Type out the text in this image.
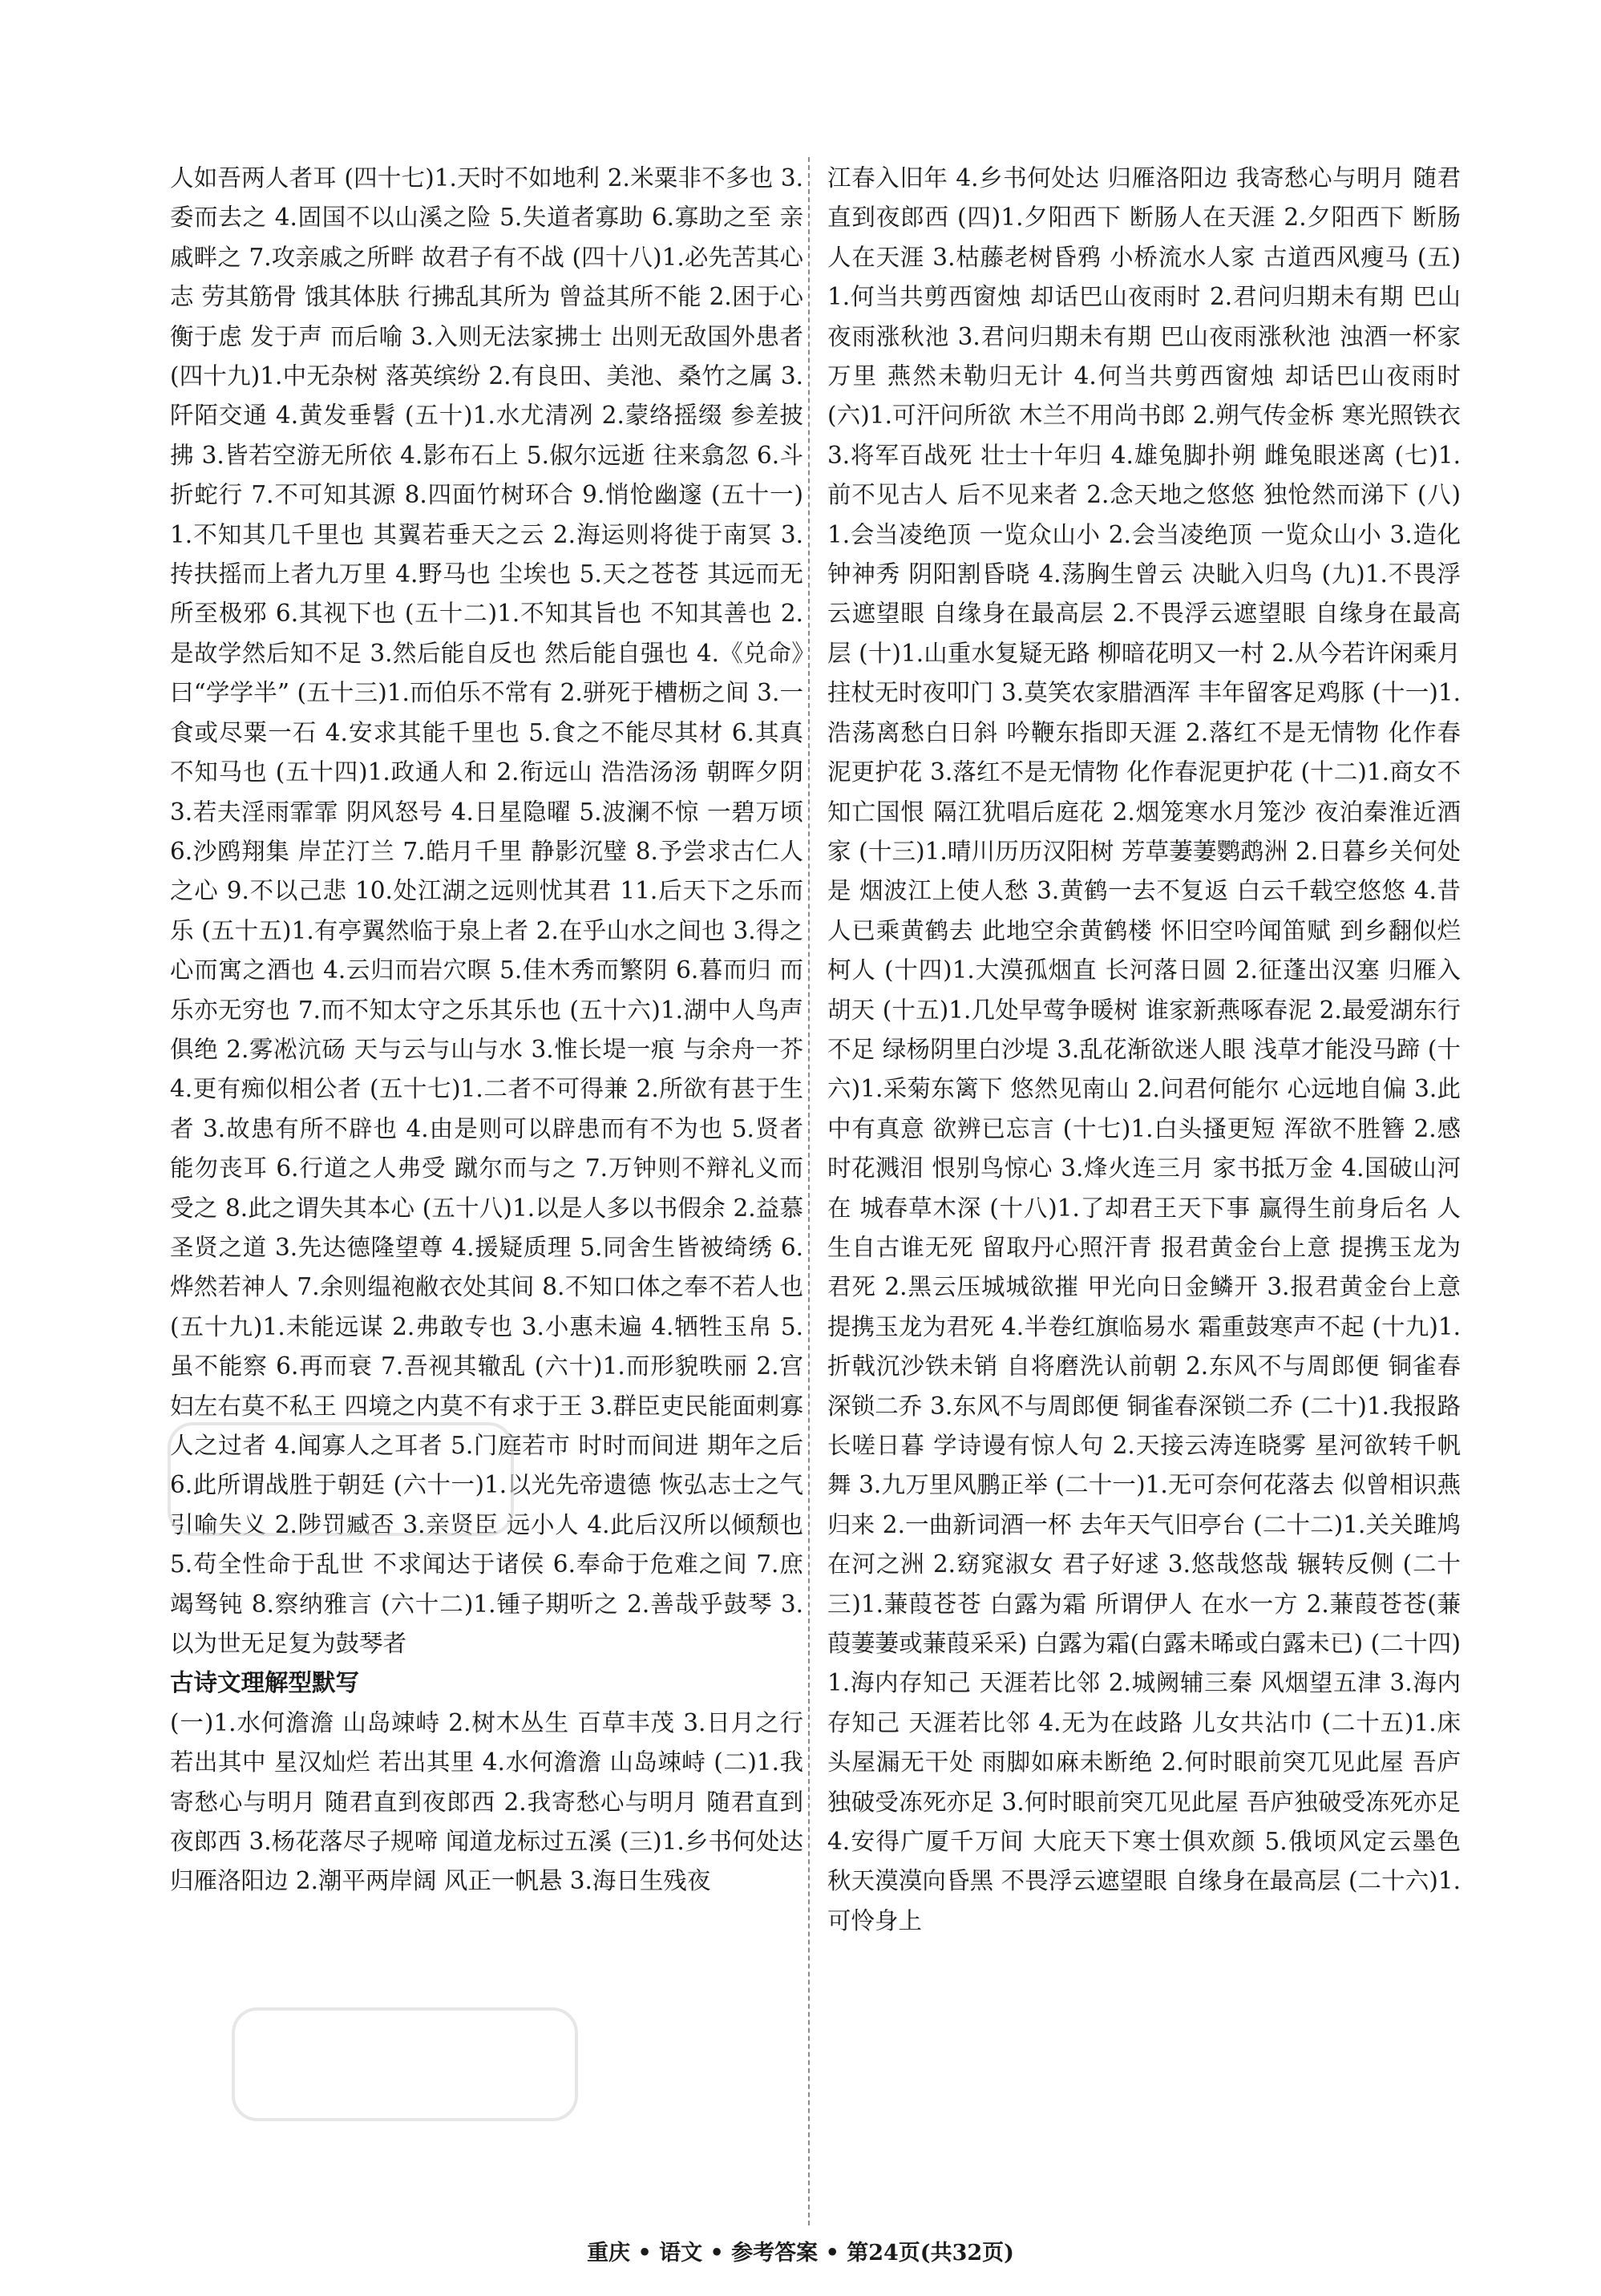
人如吾两人者耳 (四十七)1.天时不如地利 2.米粟非不多也 3.委而去之 4.固国不以山溪之险 5.失道者寡助 6.寡助之至 亲戚畔之 7.攻亲戚之所畔 故君子有不战 (四十八)1.必先苦其心志 劳其筋骨 饿其体肤 行拂乱其所为 曾益其所不能 2.困于心 衡于虑 发于声 而后喻 3.入则无法家拂士 出则无敌国外患者 (四十九)1.中无杂树 落英缤纷 2.有良田、美池、桑竹之属 3.阡陌交通 4.黄发垂髫 (五十)1.水尤清冽 2.蒙络摇缀 参差披拂 3.皆若空游无所依 4.影布石上 5.俶尔远逝 往来翕忽 6.斗折蛇行 7.不可知其源 8.四面竹树环合 9.悄怆幽邃 (五十一)1.不知其几千里也 其翼若垂天之云 2.海运则将徙于南冥 3.抟扶摇而上者九万里 4.野马也 尘埃也 5.天之苍苍 其远而无所至极邪 6.其视下也 (五十二)1.不知其旨也 不知其善也 2.是故学然后知不足 3.然后能自反也 然后能自强也 4.《兑命》曰“学学半” (五十三)1.而伯乐不常有 2.骈死于槽枥之间 3.一食或尽粟一石 4.安求其能千里也 5.食之不能尽其材 6.其真不知马也 (五十四)1.政通人和 2.衔远山 浩浩汤汤 朝晖夕阴 3.若夫淫雨霏霏 阴风怒号 4.日星隐曜 5.波澜不惊 一碧万顷 6.沙鸥翔集 岸芷汀兰 7.皓月千里 静影沉璧 8.予尝求古仁人之心 9.不以己悲 10.处江湖之远则忧其君 11.后天下之乐而乐 (五十五)1.有亭翼然临于泉上者 2.在乎山水之间也 3.得之心而寓之酒也 4.云归而岩穴暝 5.佳木秀而繁阴 6.暮而归 而乐亦无穷也 7.而不知太守之乐其乐也 (五十六)1.湖中人鸟声俱绝 2.雾凇沆砀 天与云与山与水 3.惟长堤一痕 与余舟一芥 4.更有痴似相公者 (五十七)1.二者不可得兼 2.所欲有甚于生者 3.故患有所不辟也 4.由是则可以辟患而有不为也 5.贤者能勿丧耳 6.行道之人弗受 蹴尔而与之 7.万钟则不辩礼义而受之 8.此之谓失其本心 (五十八)1.以是人多以书假余 2.益慕圣贤之道 3.先达德隆望尊 4.援疑质理 5.同舍生皆被绮绣 6.烨然若神人 7.余则缊袍敝衣处其间 8.不知口体之奉不若人也 (五十九)1.未能远谋 2.弗敢专也 3.小惠未遍 4.牺牲玉帛 5.虽不能察 6.再而衰 7.吾视其辙乱 (六十)1.而形貌昳丽 2.宫妇左右莫不私王 四境之内莫不有求于王 3.群臣吏民能面刺寡人之过者 4.闻寡人之耳者 5.门庭若市 时时而间进 期年之后 6.此所谓战胜于朝廷 (六十一)1.以光先帝遗德 恢弘志士之气 引喻失义 2.陟罚臧否 3.亲贤臣 远小人 4.此后汉所以倾颓也 5.苟全性命于乱世 不求闻达于诸侯 6.奉命于危难之间 7.庶竭驽钝 8.察纳雅言 (六十二)1.锺子期听之 2.善哉乎鼓琴 3.以为世无足复为鼓琴者

古诗文理解型默写

(一)1.水何澹澹 山岛竦峙 2.树木丛生 百草丰茂 3.日月之行 若出其中 星汉灿烂 若出其里 4.水何澹澹 山岛竦峙 (二)1.我寄愁心与明月 随君直到夜郎西 2.我寄愁心与明月 随君直到夜郎西 3.杨花落尽子规啼 闻道龙标过五溪 (三)1.乡书何处达 归雁洛阳边 2.潮平两岸阔 风正一帆悬 3.海日生残夜

江春入旧年 4.乡书何处达 归雁洛阳边 我寄愁心与明月 随君直到夜郎西 (四)1.夕阳西下 断肠人在天涯 2.夕阳西下 断肠人在天涯 3.枯藤老树昏鸦 小桥流水人家 古道西风瘦马 (五)1.何当共剪西窗烛 却话巴山夜雨时 2.君问归期未有期 巴山夜雨涨秋池 3.君问归期未有期 巴山夜雨涨秋池 浊酒一杯家万里 燕然未勒归无计 4.何当共剪西窗烛 却话巴山夜雨时 (六)1.可汗问所欲 木兰不用尚书郎 2.朔气传金柝 寒光照铁衣 3.将军百战死 壮士十年归 4.雄兔脚扑朔 雌兔眼迷离 (七)1.前不见古人 后不见来者 2.念天地之悠悠 独怆然而涕下 (八)1.会当凌绝顶 一览众山小 2.会当凌绝顶 一览众山小 3.造化钟神秀 阴阳割昏晓 4.荡胸生曾云 决眦入归鸟 (九)1.不畏浮云遮望眼 自缘身在最高层 2.不畏浮云遮望眼 自缘身在最高层 (十)1.山重水复疑无路 柳暗花明又一村 2.从今若许闲乘月 拄杖无时夜叩门 3.莫笑农家腊酒浑 丰年留客足鸡豚 (十一)1.浩荡离愁白日斜 吟鞭东指即天涯 2.落红不是无情物 化作春泥更护花 3.落红不是无情物 化作春泥更护花 (十二)1.商女不知亡国恨 隔江犹唱后庭花 2.烟笼寒水月笼沙 夜泊秦淮近酒家 (十三)1.晴川历历汉阳树 芳草萋萋鹦鹉洲 2.日暮乡关何处是 烟波江上使人愁 3.黄鹤一去不复返 白云千载空悠悠 4.昔人已乘黄鹤去 此地空余黄鹤楼 怀旧空吟闻笛赋 到乡翻似烂柯人 (十四)1.大漠孤烟直 长河落日圆 2.征蓬出汉塞 归雁入胡天 (十五)1.几处早莺争暖树 谁家新燕啄春泥 2.最爱湖东行不足 绿杨阴里白沙堤 3.乱花渐欲迷人眼 浅草才能没马蹄 (十六)1.采菊东篱下 悠然见南山 2.问君何能尔 心远地自偏 3.此中有真意 欲辨已忘言 (十七)1.白头搔更短 浑欲不胜簪 2.感时花溅泪 恨别鸟惊心 3.烽火连三月 家书抵万金 4.国破山河在 城春草木深 (十八)1.了却君王天下事 赢得生前身后名 人生自古谁无死 留取丹心照汗青 报君黄金台上意 提携玉龙为君死 2.黑云压城城欲摧 甲光向日金鳞开 3.报君黄金台上意 提携玉龙为君死 4.半卷红旗临易水 霜重鼓寒声不起 (十九)1.折戟沉沙铁未销 自将磨洗认前朝 2.东风不与周郎便 铜雀春深锁二乔 3.东风不与周郎便 铜雀春深锁二乔 (二十)1.我报路长嗟日暮 学诗谩有惊人句 2.天接云涛连晓雾 星河欲转千帆舞 3.九万里风鹏正举 (二十一)1.无可奈何花落去 似曾相识燕归来 2.一曲新词酒一杯 去年天气旧亭台 (二十二)1.关关雎鸠 在河之洲 2.窈窕淑女 君子好逑 3.悠哉悠哉 辗转反侧 (二十三)1.蒹葭苍苍 白露为霜 所谓伊人 在水一方 2.蒹葭苍苍(蒹葭萋萋或蒹葭采采) 白露为霜(白露未晞或白露未已) (二十四)1.海内存知己 天涯若比邻 2.城阙辅三秦 风烟望五津 3.海内存知己 天涯若比邻 4.无为在歧路 儿女共沾巾 (二十五)1.床头屋漏无干处 雨脚如麻未断绝 2.何时眼前突兀见此屋 吾庐独破受冻死亦足 3.何时眼前突兀见此屋 吾庐独破受冻死亦足 4.安得广厦千万间 大庇天下寒士俱欢颜 5.俄顷风定云墨色 秋天漠漠向昏黑 不畏浮云遮望眼 自缘身在最高层 (二十六)1.可怜身上

重庆 • 语文 • 参考答案 • 第24页(共32页)
